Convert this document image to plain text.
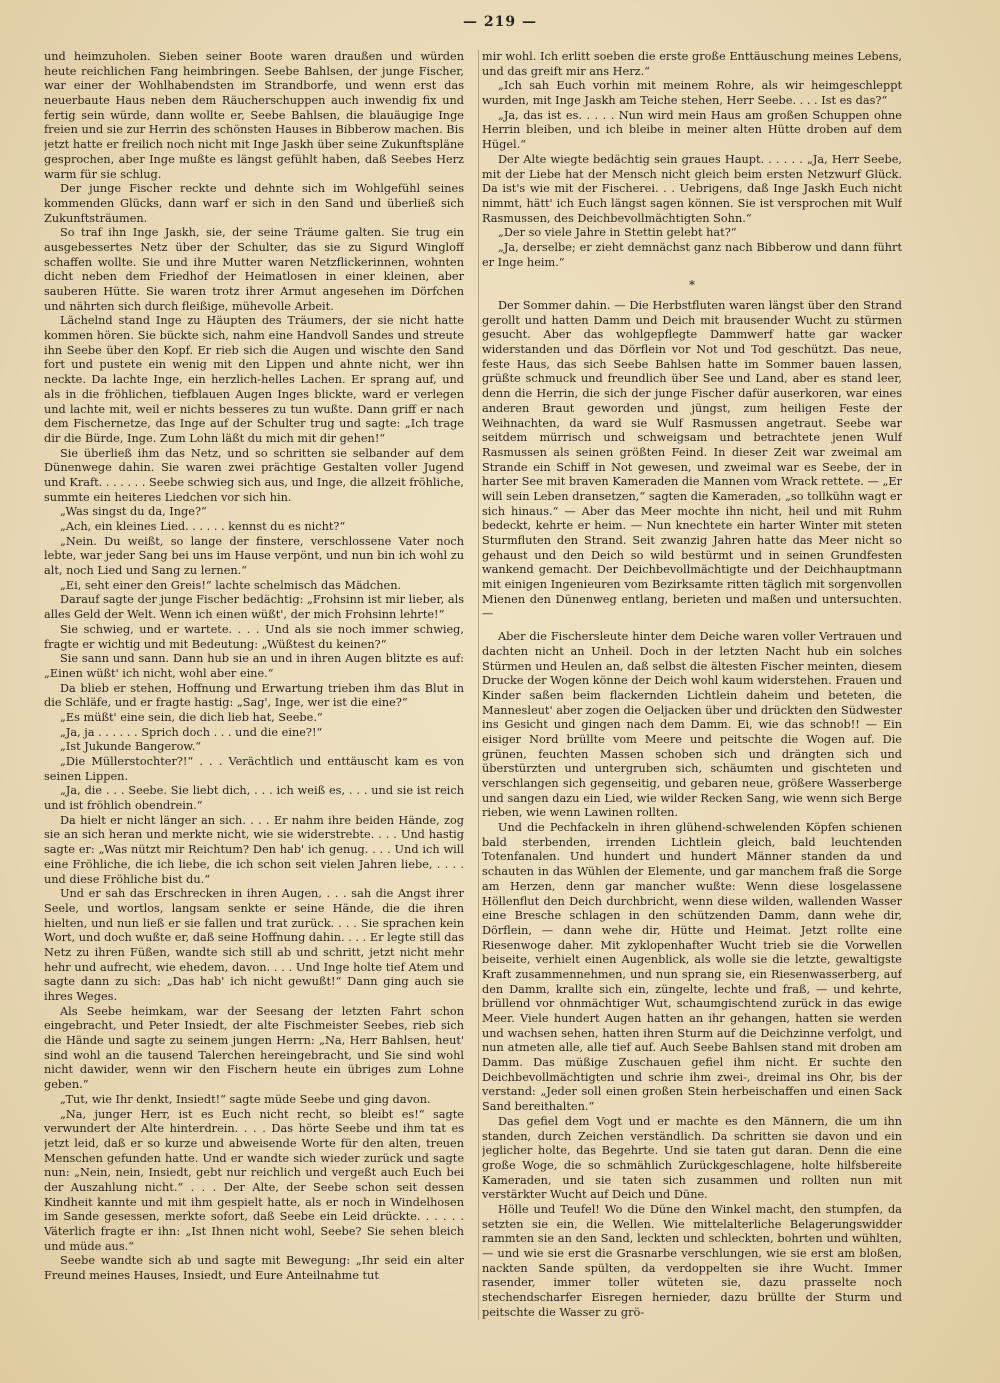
— 219 —

und heimzuholen. Sieben seiner Boote waren draußen und würden heute reichlichen Fang heimbringen. Seebe Bahlsen, der junge Fischer, war einer der Wohlhabendsten im Strandborfe, und wenn erst das neuerbaute Haus neben dem Räucherschuppen auch inwendig fix und fertig sein würde, dann wollte er, Seebe Bahlsen, die blauäugige Inge freien und sie zur Herrin des schönsten Hauses in Bibberow machen. Bis jetzt hatte er freilich noch nicht mit Inge Jaskh über seine Zukunftspläne gesprochen, aber Inge mußte es längst gefühlt haben, daß Seebes Herz warm für sie schlug.

Der junge Fischer reckte und dehnte sich im Wohlgefühl seines kommenden Glücks, dann warf er sich in den Sand und überließ sich Zukunftsträumen.

So traf ihn Inge Jaskh, sie, der seine Träume galten. Sie trug ein ausgebessertes Netz über der Schulter, das sie zu Sigurd Wingloff schaffen wollte. Sie und ihre Mutter waren Netzflickerinnen, wohnten dicht neben dem Friedhof der Heimatlosen in einer kleinen, aber sauberen Hütte. Sie waren trotz ihrer Armut angesehen im Dörfchen und nährten sich durch fleißige, mühevolle Arbeit.

Lächelnd stand Inge zu Häupten des Träumers, der sie nicht hatte kommen hören. Sie bückte sich, nahm eine Handvoll Sandes und streute ihn Seebe über den Kopf. Er rieb sich die Augen und wischte den Sand fort und pustete ein wenig mit den Lippen und ahnte nicht, wer ihn neckte. Da lachte Inge, ein herzlich-helles Lachen. Er sprang auf, und als in die fröhlichen, tiefblauen Augen Inges blickte, ward er verlegen und lachte mit, weil er nichts besseres zu tun wußte. Dann griff er nach dem Fischernetze, das Inge auf der Schulter trug und sagte: „Ich trage dir die Bürde, Inge. Zum Lohn läßt du mich mit dir gehen!“

Sie überließ ihm das Netz, und so schritten sie selbander auf dem Dünenwege dahin. Sie waren zwei prächtige Gestalten voller Jugend und Kraft. . . . . . . Seebe schwieg sich aus, und Inge, die allzeit fröhliche, summte ein heiteres Liedchen vor sich hin.

„Was singst du da, Inge?“

„Ach, ein kleines Lied. . . . . . kennst du es nicht?“

„Nein. Du weißt, so lange der finstere, verschlossene Vater noch lebte, war jeder Sang bei uns im Hause verpönt, und nun bin ich wohl zu alt, noch Lied und Sang zu lernen.“

„Ei, seht einer den Greis!“ lachte schelmisch das Mädchen.

Darauf sagte der junge Fischer bedächtig: „Frohsinn ist mir lieber, als alles Geld der Welt. Wenn ich einen wüßt', der mich Frohsinn lehrte!“

Sie schwieg, und er wartete. . . . Und als sie noch immer schwieg, fragte er wichtig und mit Bedeutung: „Wüßtest du keinen?“

Sie sann und sann. Dann hub sie an und in ihren Augen blitzte es auf: „Einen wüßt' ich nicht, wohl aber eine.“

Da blieb er stehen, Hoffnung und Erwartung trieben ihm das Blut in die Schläfe, und er fragte hastig: „Sag', Inge, wer ist die eine?“

„Es müßt' eine sein, die dich lieb hat, Seebe.“

„Ja, ja . . . . . . Sprich doch . . . und die eine?!“

„Ist Jukunde Bangerow.“

„Die Müllerstochter?!“ . . . Verächtlich und enttäuscht kam es von seinen Lippen.

„Ja, die . . . Seebe. Sie liebt dich, . . . ich weiß es, . . . und sie ist reich und ist fröhlich obendrein.“

Da hielt er nicht länger an sich. . . . Er nahm ihre beiden Hände, zog sie an sich heran und merkte nicht, wie sie widerstrebte. . . . Und hastig sagte er: „Was nützt mir Reichtum? Den hab' ich genug. . . . Und ich will eine Fröhliche, die ich liebe, die ich schon seit vielen Jahren liebe, . . . . und diese Fröhliche bist du.“

Und er sah das Erschrecken in ihren Augen, . . . sah die Angst ihrer Seele, und wortlos, langsam senkte er seine Hände, die die ihren hielten, und nun ließ er sie fallen und trat zurück. . . . Sie sprachen kein Wort, und doch wußte er, daß seine Hoffnung dahin. . . . Er legte still das Netz zu ihren Füßen, wandte sich still ab und schritt, jetzt nicht mehr hehr und aufrecht, wie ehedem, davon. . . . Und Inge holte tief Atem und sagte dann zu sich: „Das hab' ich nicht gewußt!“ Dann ging auch sie ihres Weges.

Als Seebe heimkam, war der Seesang der letzten Fahrt schon eingebracht, und Peter Insiedt, der alte Fischmeister Seebes, rieb sich die Hände und sagte zu seinem jungen Herrn: „Na, Herr Bahlsen, heut' sind wohl an die tausend Talerchen hereingebracht, und Sie sind wohl nicht dawider, wenn wir den Fischern heute ein übriges zum Lohne geben.“

„Tut, wie Ihr denkt, Insiedt!“ sagte müde Seebe und ging davon.

„Na, junger Herr, ist es Euch nicht recht, so bleibt es!“ sagte verwundert der Alte hinterdrein. . . . Das hörte Seebe und ihm tat es jetzt leid, daß er so kurze und abweisende Worte für den alten, treuen Menschen gefunden hatte. Und er wandte sich wieder zurück und sagte nun: „Nein, nein, Insiedt, gebt nur reichlich und vergeßt auch Euch bei der Auszahlung nicht.“ . . . Der Alte, der Seebe schon seit dessen Kindheit kannte und mit ihm gespielt hatte, als er noch in Windelhosen im Sande gesessen, merkte sofort, daß Seebe ein Leid drückte. . . . . . Väterlich fragte er ihn: „Ist Ihnen nicht wohl, Seebe? Sie sehen bleich und müde aus.“

Seebe wandte sich ab und sagte mit Bewegung: „Ihr seid ein alter Freund meines Hauses, Insiedt, und Eure Anteilnahme tut

mir wohl. Ich erlitt soeben die erste große Enttäuschung meines Lebens, und das greift mir ans Herz.“

„Ich sah Euch vorhin mit meinem Rohre, als wir heimgeschleppt wurden, mit Inge Jaskh am Teiche stehen, Herr Seebe. . . . Ist es das?“

„Ja, das ist es. . . . . Nun wird mein Haus am großen Schuppen ohne Herrin bleiben, und ich bleibe in meiner alten Hütte droben auf dem Hügel.“

Der Alte wiegte bedächtig sein graues Haupt. . . . . . „Ja, Herr Seebe, mit der Liebe hat der Mensch nicht gleich beim ersten Netzwurf Glück. Da ist's wie mit der Fischerei. . . Uebrigens, daß Inge Jaskh Euch nicht nimmt, hätt' ich Euch längst sagen können. Sie ist versprochen mit Wulf Rasmussen, des Deichbevollmächtigten Sohn.“

„Der so viele Jahre in Stettin gelebt hat?“

„Ja, derselbe; er zieht demnächst ganz nach Bibberow und dann führt er Inge heim.“

*

Der Sommer dahin. — Die Herbstfluten waren längst über den Strand gerollt und hatten Damm und Deich mit brausender Wucht zu stürmen gesucht. Aber das wohlgepflegte Dammwerf hatte gar wacker widerstanden und das Dörflein vor Not und Tod geschützt. Das neue, feste Haus, das sich Seebe Bahlsen hatte im Sommer bauen lassen, grüßte schmuck und freundlich über See und Land, aber es stand leer, denn die Herrin, die sich der junge Fischer dafür auserkoren, war eines anderen Braut geworden und jüngst, zum heiligen Feste der Weihnachten, da ward sie Wulf Rasmussen angetraut. Seebe war seitdem mürrisch und schweigsam und betrachtete jenen Wulf Rasmussen als seinen größten Feind. In dieser Zeit war zweimal am Strande ein Schiff in Not gewesen, und zweimal war es Seebe, der in harter See mit braven Kameraden die Mannen vom Wrack rettete. — „Er will sein Leben dransetzen,“ sagten die Kameraden, „so tollkühn wagt er sich hinaus.“ — Aber das Meer mochte ihn nicht, heil und mit Ruhm bedeckt, kehrte er heim. — Nun knechtete ein harter Winter mit steten Sturmfluten den Strand. Seit zwanzig Jahren hatte das Meer nicht so gehaust und den Deich so wild bestürmt und in seinen Grundfesten wankend gemacht. Der Deichbevollmächtigte und der Deichhauptmann mit einigen Ingenieuren vom Bezirksamte ritten täglich mit sorgenvollen Mienen den Dünenweg entlang, berieten und maßen und untersuchten. —

Aber die Fischersleute hinter dem Deiche waren voller Vertrauen und dachten nicht an Unheil. Doch in der letzten Nacht hub ein solches Stürmen und Heulen an, daß selbst die ältesten Fischer meinten, diesem Drucke der Wogen könne der Deich wohl kaum widerstehen. Frauen und Kinder saßen beim flackernden Lichtlein daheim und beteten, die Mannesleut' aber zogen die Oeljacken über und drückten den Südwester ins Gesicht und gingen nach dem Damm. Ei, wie das schnob!! — Ein eisiger Nord brüllte vom Meere und peitschte die Wogen auf. Die grünen, feuchten Massen schoben sich und drängten sich und überstürzten und untergruben sich, schäumten und gischteten und verschlangen sich gegenseitig, und gebaren neue, größere Wasserberge und sangen dazu ein Lied, wie wilder Recken Sang, wie wenn sich Berge rieben, wie wenn Lawinen rollten.

Und die Pechfackeln in ihren glühend-schwelenden Köpfen schienen bald sterbenden, irrenden Lichtlein gleich, bald leuchtenden Totenfanalen. Und hundert und hundert Männer standen da und schauten in das Wühlen der Elemente, und gar manchem fraß die Sorge am Herzen, denn gar mancher wußte: Wenn diese losgelassene Höllenflut den Deich durchbricht, wenn diese wilden, wallenden Wasser eine Bresche schlagen in den schützenden Damm, dann wehe dir, Dörflein, — dann wehe dir, Hütte und Heimat. Jetzt rollte eine Riesenwoge daher. Mit zyklopenhafter Wucht trieb sie die Vorwellen beiseite, verhielt einen Augenblick, als wolle sie die letzte, gewaltigste Kraft zusammennehmen, und nun sprang sie, ein Riesenwasserberg, auf den Damm, krallte sich ein, züngelte, lechte und fraß, — und kehrte, brüllend vor ohnmächtiger Wut, schaumgischtend zurück in das ewige Meer. Viele hundert Augen hatten an ihr gehangen, hatten sie werden und wachsen sehen, hatten ihren Sturm auf die Deichzinne verfolgt, und nun atmeten alle, alle tief auf. Auch Seebe Bahlsen stand mit droben am Damm. Das müßige Zuschauen gefiel ihm nicht. Er suchte den Deichbevollmächtigten und schrie ihm zwei-, dreimal ins Ohr, bis der verstand: „Jeder soll einen großen Stein herbeischaffen und einen Sack Sand bereithalten.“

Das gefiel dem Vogt und er machte es den Männern, die um ihn standen, durch Zeichen verständlich. Da schritten sie davon und ein jeglicher holte, das Begehrte. Und sie taten gut daran. Denn die eine große Woge, die so schmählich Zurückgeschlagene, holte hilfsbereite Kameraden, und sie taten sich zusammen und rollten nun mit verstärkter Wucht auf Deich und Düne.

Hölle und Teufel! Wo die Düne den Winkel macht, den stumpfen, da setzten sie ein, die Wellen. Wie mittelalterliche Belagerungswidder rammten sie an den Sand, leckten und schleckten, bohrten und wühlten, — und wie sie erst die Grasnarbe verschlungen, wie sie erst am bloßen, nackten Sande spülten, da verdoppelten sie ihre Wucht. Immer rasender, immer toller wüteten sie, dazu prasselte noch stechendscharfer Eisregen hernieder, dazu brüllte der Sturm und peitschte die Wasser zu grö-
